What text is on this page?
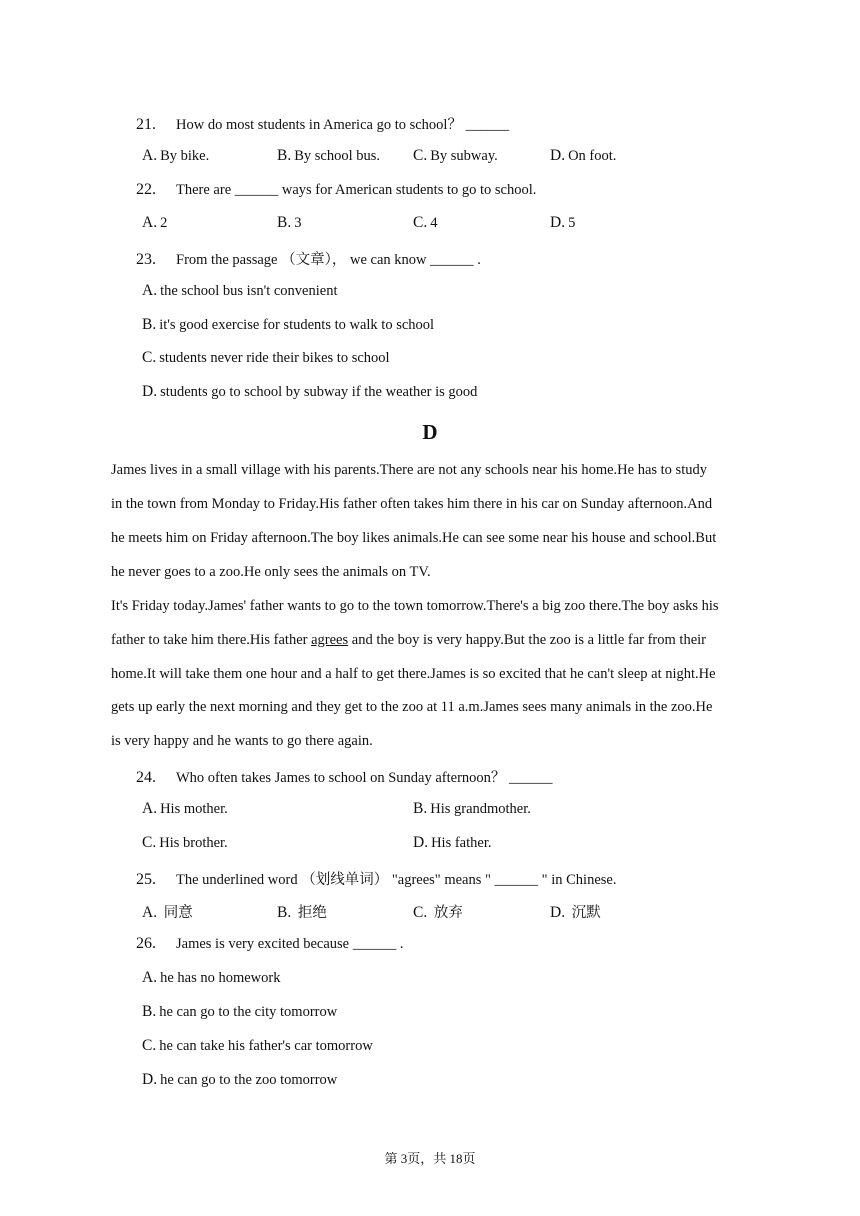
21. How do most students in America go to school？ ______
A. By bike.	B. By school bus. C. By subway.	D. On foot.
22. There are ______ ways for American students to go to school.
A. 2	B. 3	C. 4	D. 5
23. From the passage （文章）， we can know ______ .
A. the school bus isn't convenient
B. it's good exercise for students to walk to school
C. students never ride their bikes to school
D. students go to school by subway if the weather is good
D
James lives in a small village with his parents.There are not any schools near his home.He has to study
in the town from Monday to Friday.His father often takes him there in his car on Sunday afternoon.And
he meets him on Friday afternoon.The boy likes animals.He can see some near his house and school.But
he never goes to a zoo.He only sees the animals on TV.
It's Friday today.James' father wants to go to the town tomorrow.There's a big zoo there.The boy asks his
father to take him there.His father agrees and the boy is very happy.But the zoo is a little far from their
home.It will take them one hour and a half to get there.James is so excited that he can't sleep at night.He
gets up early the next morning and they get to the zoo at 11 a.m.James sees many animals in the zoo.He
is very happy and he wants to go there again.
24. Who often takes James to school on Sunday afternoon？ ______
A. His mother.	B. His grandmother.
C. His brother.	D. His father.
25. The underlined word （划线单词） "agrees" means " ______ " in Chinese.
A. 同意	B. 拒绝	C. 放弃	D. 沉默
26. James is very excited because ______ .
A. he has no homework
B. he can go to the city tomorrow
C. he can take his father's car tomorrow
D. he can go to the zoo tomorrow
第 3页，共 18页
